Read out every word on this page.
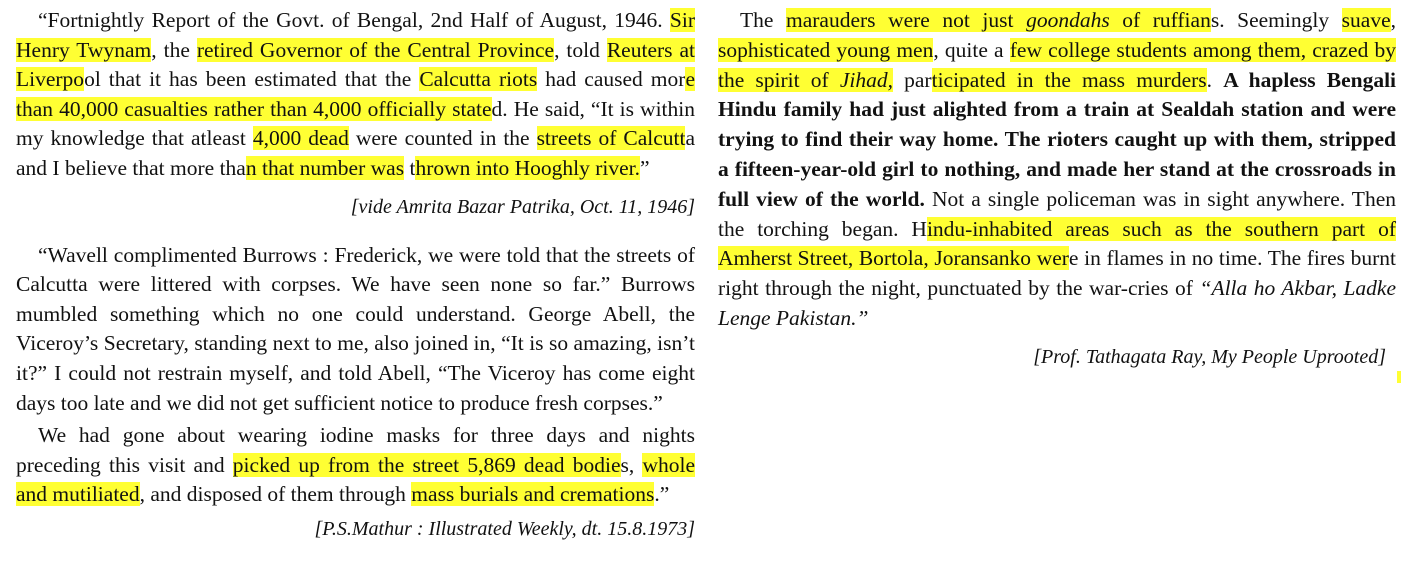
“Fortnightly Report of the Govt. of Bengal, 2nd Half of August, 1946. Sir Henry Twynam, the retired Governor of the Central Province, told Reuters at Liverpool that it has been estimated that the Calcutta riots had caused more than 40,000 casualties rather than 4,000 officially stated. He said, “It is within my knowledge that atleast 4,000 dead were counted in the streets of Calcutta and I believe that more than that number was thrown into Hooghly river.”

[vide Amrita Bazar Patrika, Oct. 11, 1946]

“Wavell complimented Burrows : Frederick, we were told that the streets of Calcutta were littered with corpses. We have seen none so far.” Burrows mumbled something which no one could understand. George Abell, the Viceroy’s Secretary, standing next to me, also joined in, “It is so amazing, isn’t it?” I could not restrain myself, and told Abell, “The Viceroy has come eight days too late and we did not get sufficient notice to produce fresh corpses.”

We had gone about wearing iodine masks for three days and nights preceding this visit and picked up from the street 5,869 dead bodies, whole and mutiliated, and disposed of them through mass burials and cremations.”

[P.S.Mathur : Illustrated Weekly, dt. 15.8.1973]

The marauders were not just goondahs of ruffians. Seemingly suave, sophisticated young men, quite a few college students among them, crazed by the spirit of Jihad, participated in the mass murders. A hapless Bengali Hindu family had just alighted from a train at Sealdah station and were trying to find their way home. The rioters caught up with them, stripped a fifteen-year-old girl to nothing, and made her stand at the crossroads in full view of the world. Not a single policeman was in sight anywhere. Then the torching began. Hindu-inhabited areas such as the southern part of Amherst Street, Bortola, Joransanko were in flames in no time. The fires burnt right through the night, punctuated by the war-cries of “Alla ho Akbar, Ladke Lenge Pakistan.”

[Prof. Tathagata Ray, My People Uprooted]
